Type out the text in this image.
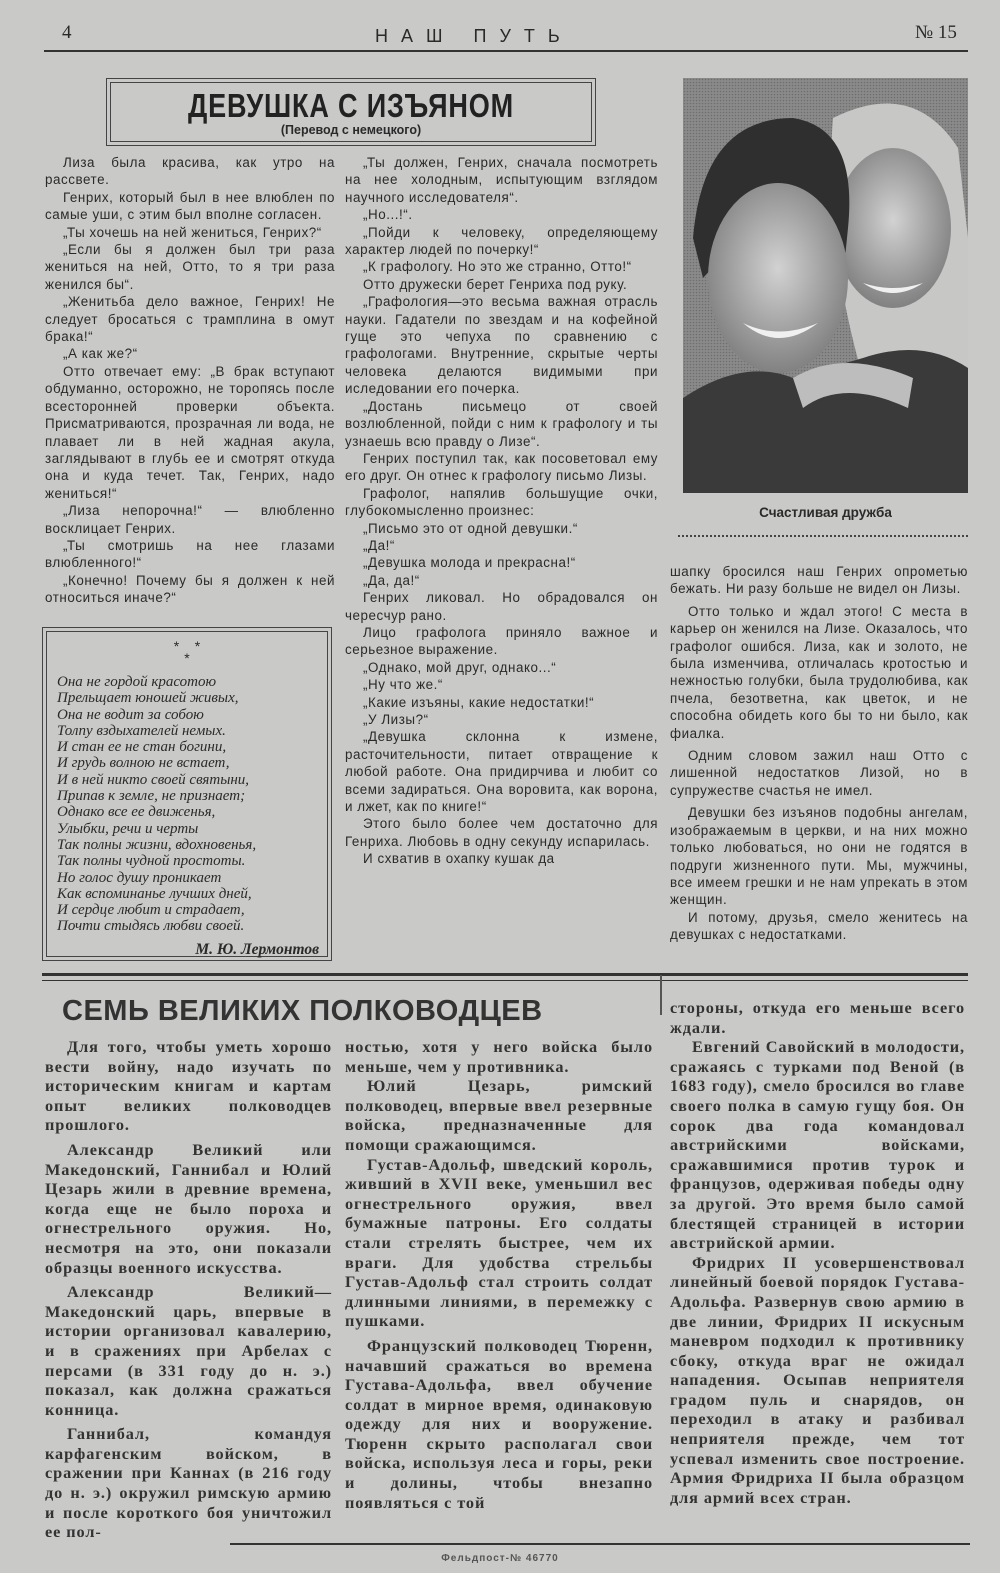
4	НАШ ПУТЬ	№ 15
ДЕВУШКА С ИЗЪЯНОМ
(Перевод с немецкого)

Лиза была красива, как утро на рассвете.

Генрих, который был в нее влюблен по самые уши, с этим был вполне согласен.

„Ты хочешь на ней жениться, Генрих?“

„Если бы я должен был три раза жениться на ней, Отто, то я три раза женился бы“.

„Женитьба дело важное, Генрих! Не следует бросаться с трамплина в омут брака!“

„А как же?“

Отто отвечает ему: „В брак вступают обдуманно, осторожно, не торопясь после всесторонней проверки объекта. Присматриваются, прозрачная ли вода, не плавает ли в ней жадная акула, заглядывают в глубь ее и смотрят откуда она и куда течет. Так, Генрих, надо жениться!“

„Лиза непорочна!“ — влюбленно восклицает Генрих.

„Ты смотришь на нее глазами влюбленного!“

„Конечно! Почему бы я должен к ней относиться иначе?“

„Ты должен, Генрих, сначала посмотреть на нее холодным, испытующим взглядом научного исследователя“.

„Но...!“.

„Пойди к человеку, определяющему характер людей по почерку!“

„К графологу. Но это же странно, Отто!“

Отто дружески берет Генриха под руку.

„Графология—это весьма важная отрасль науки. Гадатели по звездам и на кофейной гуще это чепуха по сравнению с графологами. Внутренние, скрытые черты человека делаются видимыми при иследовании его почерка.

„Достань письмецо от своей возлюбленной, пойди с ним к графологу и ты узнаешь всю правду о Лизе“.

Генрих поступил так, как посоветовал ему его друг. Он отнес к графологу письмо Лизы.

Графолог, напялив большущие очки, глубокомысленно произнес:

„Письмо это от одной девушки.“

„Да!“

„Девушка молода и прекрасна!“

„Да, да!“

Генрих ликовал. Но обрадовался он чересчур рано.

Лицо графолога приняло важное и серьезное выражение.

„Однако, мой друг, однако...“

„Ну что же.“

„Какие изъяны, какие недостатки!“

„У Лизы?“

„Девушка склонна к измене, расточительности, питает отвращение к любой работе. Она придирчива и любит со всеми задираться. Она воровита, как ворона, и лжет, как по книге!“

Этого было более чем достаточно для Генриха. Любовь в одну секунду испарилась.

И схватив в охапку кушак да

шапку бросился наш Генрих опрометью бежать. Ни разу больше не видел он Лизы.

Отто только и ждал этого! С места в карьер он женился на Лизе. Оказалось, что графолог ошибся. Лиза, как и золото, не была изменчива, отличалась кротостью и нежностью голубки, была трудолюбива, как пчела, безответна, как цветок, и не способна обидеть кого бы то ни было, как фиалка.

Одним словом зажил наш Отто с лишенной недостатков Лизой, но в супружестве счастья не имел.

Девушки без изъянов подобны ангелам, изображаемым в церкви, и на них можно только любоваться, но они не годятся в подруги жизненного пути. Мы, мужчины, все имеем грешки и не нам упрекать в этом женщин.

И потому, друзья, смело женитесь на девушках с недостатками.

*    *
*
Она не гордой красотою
Прельщает юношей живых,
Она не водит за собою
Толпу вздыхателей немых.
И стан ее не стан богини,
И грудь волною не встает,
И в ней никто своей святыни,
Припав к земле, не признает;
Однако все ее движенья,
Улыбки, речи и черты
Так полны жизни, вдохновенья,
Так полны чудной простоты.
Но голос душу проникает
Как вспоминанье лучших дней,
И сердце любит и страдает,
Почти стыдясь любви своей.
М. Ю. Лермонтов
Счастливая дружба
СЕМЬ ВЕЛИКИХ ПОЛКОВОДЦЕВ

Для того, чтобы уметь хорошо вести войну, надо изучать по историческим книгам и картам опыт великих полководцев прошлого.

Александр Великий или Македонский, Ганнибал и Юлий Цезарь жили в древние времена, когда еще не было пороха и огнестрельного оружия. Но, несмотря на это, они показали образцы военного искусства.

Александр Великий—Македонский царь, впервые в истории организовал кавалерию, и в сражениях при Арбелах с персами (в 331 году до н. э.) показал, как должна сражаться конница.

Ганнибал, командуя карфагенским войском, в сражении при Каннах (в 216 году до н. э.) окружил римскую армию и после короткого боя уничтожил ее пол-

ностью, хотя у него войска было меньше, чем у противника.

Юлий Цезарь, римский полководец, впервые ввел резервные войска, предназначенные для помощи сражающимся.

Густав-Адольф, шведский король, живший в XVII веке, уменьшил вес огнестрельного оружия, ввел бумажные патроны. Его солдаты стали стрелять быстрее, чем их враги. Для удобства стрельбы Густав-Адольф стал строить солдат длинными линиями, в перемежку с пушками.

Французский полководец Тюренн, начавший сражаться во времена Густава-Адольфа, ввел обучение солдат в мирное время, одинаковую одежду для них и вооружение. Тюренн скрыто располагал свои войска, используя леса и горы, реки и долины, чтобы внезапно появляться с той

стороны, откуда его меньше всего ждали.

Евгений Савойский в молодости, сражаясь с турками под Веной (в 1683 году), смело бросился во главе своего полка в самую гущу боя. Он сорок два года командовал австрийскими войсками, сражавшимися против турок и французов, одерживая победы одну за другой. Это время было самой блестящей страницей в истории австрийской армии.

Фридрих II усовершенствовал линейный боевой порядок Густава-Адольфа. Развернув свою армию в две линии, Фридрих II искусным маневром подходил к противнику сбоку, откуда враг не ожидал нападения. Осыпав неприятеля градом пуль и снарядов, он переходил в атаку и разбивал неприятеля прежде, чем тот успевал изменить свое построение. Армия Фридриха II была образцом для армий всех стран.

Фельдпост-№ 46770
